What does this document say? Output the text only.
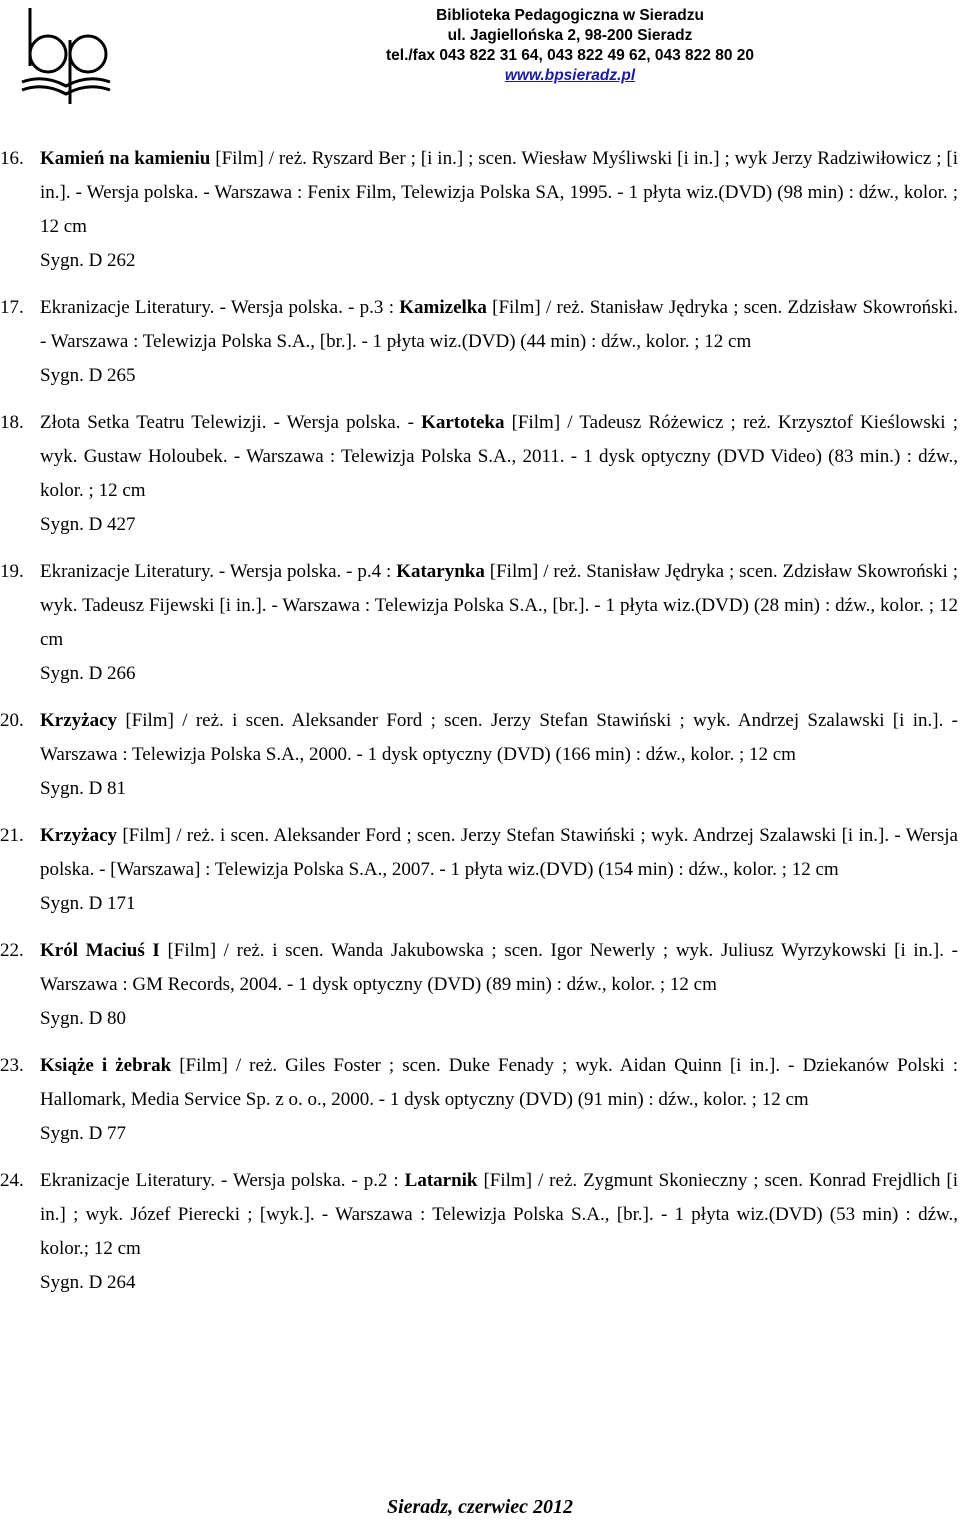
Biblioteka Pedagogiczna w Sieradzu
ul. Jagiellońska 2, 98-200 Sieradz
tel./fax 043 822 31 64, 043 822 49 62, 043 822 80 20
www.bpsieradz.pl
16. Kamień na kamieniu [Film] / reż. Ryszard Ber ; [i in.] ; scen. Wiesław Myśliwski [i in.] ; wyk Jerzy Radziwiłowicz ; [i in.]. - Wersja polska. - Warszawa : Fenix Film, Telewizja Polska SA, 1995. - 1 płyta wiz.(DVD) (98 min) : dźw., kolor. ; 12 cm
Sygn. D 262
17. Ekranizacje Literatury. - Wersja polska. - p.3 : Kamizelka [Film] / reż. Stanisław Jędryka ; scen. Zdzisław Skowroński. - Warszawa : Telewizja Polska S.A., [br.]. - 1 płyta wiz.(DVD) (44 min) : dźw., kolor. ; 12 cm
Sygn. D 265
18. Złota Setka Teatru Telewizji. - Wersja polska. - Kartoteka [Film] / Tadeusz Różewicz ; reż. Krzysztof Kieślowski ; wyk. Gustaw Holoubek. - Warszawa : Telewizja Polska S.A., 2011. - 1 dysk optyczny (DVD Video) (83 min.) : dźw., kolor. ; 12 cm
Sygn. D 427
19. Ekranizacje Literatury. - Wersja polska. - p.4 : Katarynka [Film] / reż. Stanisław Jędryka ; scen. Zdzisław Skowroński ; wyk. Tadeusz Fijewski [i in.]. - Warszawa : Telewizja Polska S.A., [br.]. - 1 płyta wiz.(DVD) (28 min) : dźw., kolor. ; 12 cm
Sygn. D 266
20. Krzyżacy [Film] / reż. i scen. Aleksander Ford ; scen. Jerzy Stefan Stawiński ; wyk. Andrzej Szalawski [i in.]. - Warszawa : Telewizja Polska S.A., 2000. - 1 dysk optyczny (DVD) (166 min) : dźw., kolor. ; 12 cm
Sygn. D 81
21. Krzyżacy [Film] / reż. i scen. Aleksander Ford ; scen. Jerzy Stefan Stawiński ; wyk. Andrzej Szalawski [i in.]. - Wersja polska. - [Warszawa] : Telewizja Polska S.A., 2007. - 1 płyta wiz.(DVD) (154 min) : dźw., kolor. ; 12 cm
Sygn. D 171
22. Król Maciuś I [Film] / reż. i scen. Wanda Jakubowska ; scen. Igor Newerly ; wyk. Juliusz Wyrzykowski [i in.]. - Warszawa : GM Records, 2004. - 1 dysk optyczny (DVD) (89 min) : dźw., kolor. ; 12 cm
Sygn. D 80
23. Książe i żebrak [Film] / reż. Giles Foster ; scen. Duke Fenady ; wyk. Aidan Quinn [i in.]. - Dziekanów Polski : Hallomark, Media Service Sp. z o. o., 2000. - 1 dysk optyczny (DVD) (91 min) : dźw., kolor. ; 12 cm
Sygn. D 77
24. Ekranizacje Literatury. - Wersja polska. - p.2 : Latarnik [Film] / reż. Zygmunt Skonieczny ; scen. Konrad Frejdlich [i in.] ; wyk. Józef Pierecki ; [wyk.]. - Warszawa : Telewizja Polska S.A., [br.]. - 1 płyta wiz.(DVD) (53 min) : dźw., kolor.; 12 cm
Sygn. D 264
Sieradz, czerwiec 2012
